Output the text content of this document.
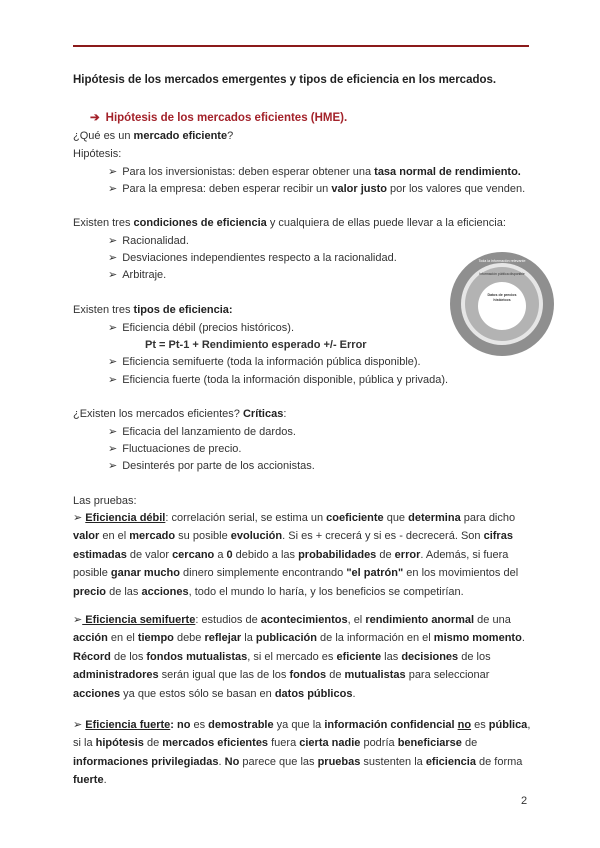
Hipótesis de los mercados emergentes y tipos de eficiencia en los mercados.
➔ Hipótesis de los mercados eficientes (HME).
¿Qué es un mercado eficiente?
Hipótesis:
➢ Para los inversionistas: deben esperar obtener una tasa normal de rendimiento.
➢ Para la empresa: deben esperar recibir un valor justo por los valores que venden.
Existen tres condiciones de eficiencia y cualquiera de ellas puede llevar a la eficiencia:
➢ Racionalidad.
➢ Desviaciones independientes respecto a la racionalidad.
➢ Arbitraje.
Existen tres tipos de eficiencia:
➢ Eficiencia débil (precios históricos).
Pt = Pt-1 + Rendimiento esperado +/- Error
➢ Eficiencia semifuerte (toda la información pública disponible).
➢ Eficiencia fuerte (toda la información disponible, pública y privada).
¿Existen los mercados eficientes? Críticas:
➢ Eficacia del lanzamiento de dardos.
➢ Fluctuaciones de precio.
➢ Desinterés por parte de los accionistas.
Las pruebas:
➢ Eficiencia débil: correlación serial, se estima un coeficiente que determina para dicho valor en el mercado su posible evolución. Si es + crecerá y si es - decrecerá. Son cifras estimadas de valor cercano a 0 debido a las probabilidades de error. Además, si fuera posible ganar mucho dinero simplemente encontrando "el patrón" en los movimientos del precio de las acciones, todo el mundo lo haría, y los beneficios se competirían.
➢ Eficiencia semifuerte: estudios de acontecimientos, el rendimiento anormal de una acción en el tiempo debe reflejar la publicación de la información en el mismo momento. Récord de los fondos mutualistas, si el mercado es eficiente las decisiones de los administradores serán igual que las de los fondos de mutualistas para seleccionar acciones ya que estos sólo se basan en datos públicos.
➢ Eficiencia fuerte: no es demostrable ya que la información confidencial no es pública, si la hipótesis de mercados eficientes fuera cierta nadie podría beneficiarse de informaciones privilegiadas. No parece que las pruebas sustenten la eficiencia de forma fuerte.
Toda la información relevante
Información pública disponible
Datos de precios históricos
2
